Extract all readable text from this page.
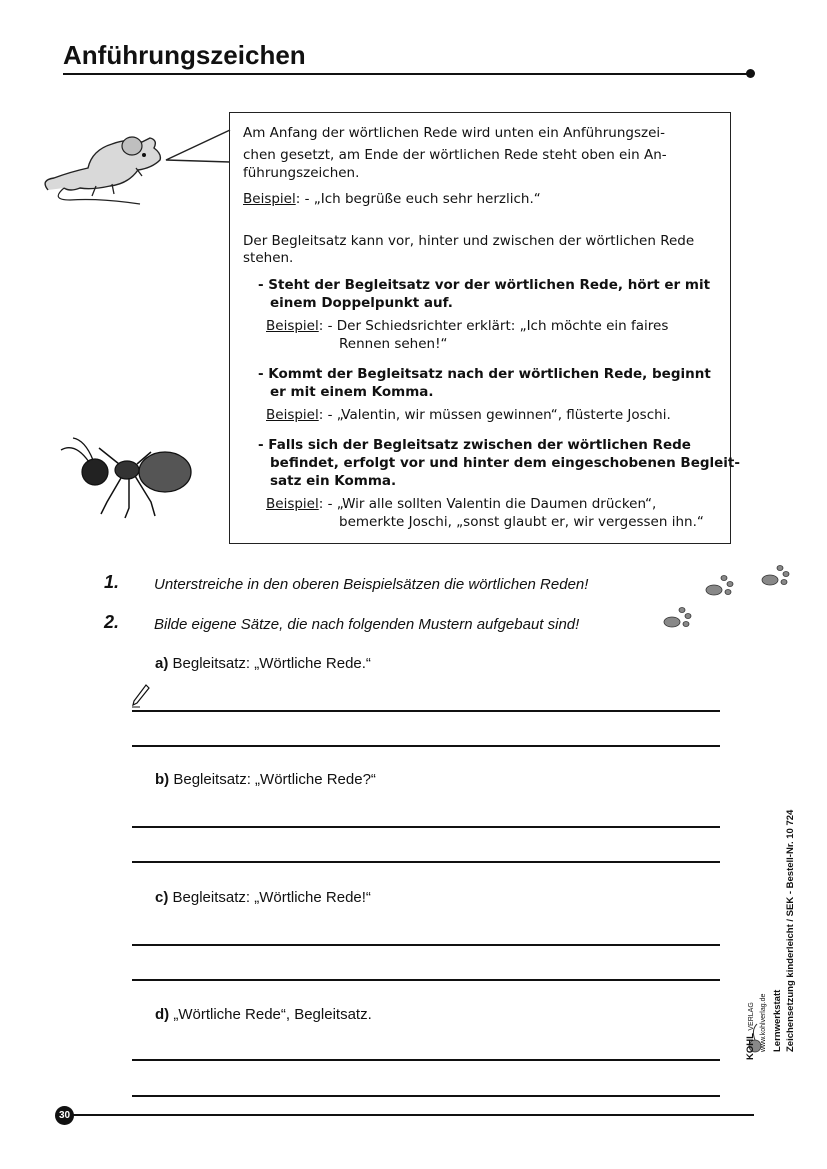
Anführungszeichen

Am Anfang der wörtlichen Rede wird unten ein Anführungszei-

chen gesetzt, am Ende der wörtlichen Rede steht oben ein An-

führungszeichen.

Beispiel: - „Ich begrüße euch sehr herzlich.“

Der Begleitsatz kann vor, hinter und zwischen der wörtlichen Rede

stehen.

- Steht der Begleitsatz vor der wörtlichen Rede, hört er mit

einem Doppelpunkt auf.

Beispiel: - Der Schiedsrichter erklärt: „Ich möchte ein faires

Rennen sehen!“

- Kommt der Begleitsatz nach der wörtlichen Rede, beginnt

er mit einem Komma.

Beispiel: - „Valentin, wir müssen gewinnen“, flüsterte Joschi.

- Falls sich der Begleitsatz zwischen der wörtlichen Rede

befindet, erfolgt vor und hinter dem eingeschobenen Begleit-

satz ein Komma.

Beispiel: - „Wir alle sollten Valentin die Daumen drücken“,

bemerkte Joschi, „sonst glaubt er, wir vergessen ihn.“

1. Unterstreiche in den oberen Beispielsätzen die wörtlichen Reden!
2. Bilde eigene Sätze, die nach folgenden Mustern aufgebaut sind!
a) Begleitsatz: „Wörtliche Rede.“
b) Begleitsatz: „Wörtliche Rede?“
c) Begleitsatz: „Wörtliche Rede!“
d) „Wörtliche Rede“, Begleitsatz.
30
KOHL VERLAG www.kohlverlag.de Lernwerkstatt Zeichensetzung kinderleicht / SEK - Bestell-Nr. 10 724
